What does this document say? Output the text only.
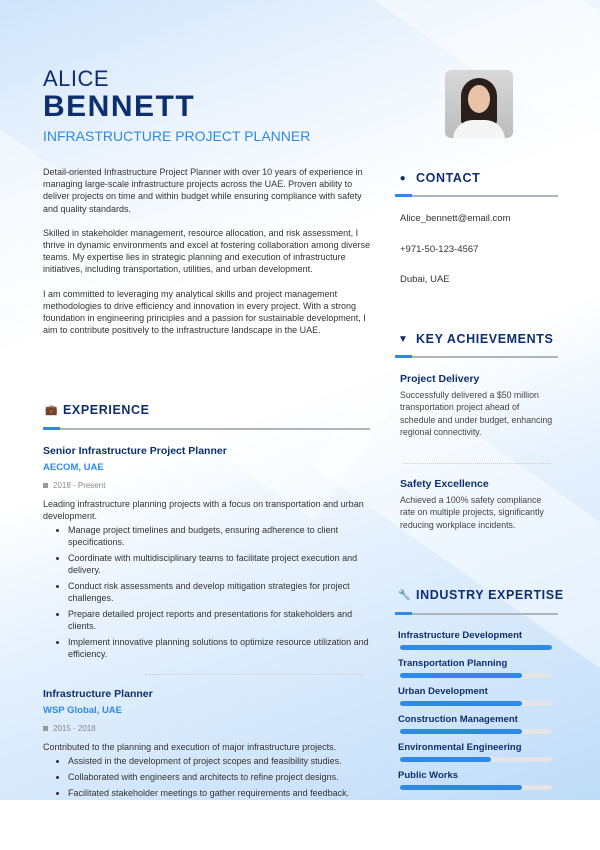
ALICE
BENNETT
INFRASTRUCTURE PROJECT PLANNER

Detail-oriented Infrastructure Project Planner with over 10 years of experience in managing large-scale infrastructure projects across the UAE. Proven ability to deliver projects on time and within budget while ensuring compliance with safety and quality standards.

Skilled in stakeholder management, resource allocation, and risk assessment, I thrive in dynamic environments and excel at fostering collaboration among diverse teams. My expertise lies in strategic planning and execution of infrastructure initiatives, including transportation, utilities, and urban development.

I am committed to leveraging my analytical skills and project management methodologies to drive efficiency and innovation in every project. With a strong foundation in engineering principles and a passion for sustainable development, I aim to contribute positively to the infrastructure landscape in the UAE.

💼 EXPERIENCE
Senior Infrastructure Project Planner
AECOM, UAE
2018 - Present
Leading infrastructure planning projects with a focus on transportation and urban development.
• Manage project timelines and budgets, ensuring adherence to client specifications.
• Coordinate with multidisciplinary teams to facilitate project execution and delivery.
• Conduct risk assessments and develop mitigation strategies for project challenges.
• Prepare detailed project reports and presentations for stakeholders and clients.
• Implement innovative planning solutions to optimize resource utilization and efficiency.
Infrastructure Planner
WSP Global, UAE
2015 - 2018
Contributed to the planning and execution of major infrastructure projects.
• Assisted in the development of project scopes and feasibility studies.
• Collaborated with engineers and architects to refine project designs.
• Facilitated stakeholder meetings to gather requirements and feedback.
● CONTACT
Alice_bennett@email.com
+971-50-123-4567
Dubai, UAE
▼ KEY ACHIEVEMENTS
Project Delivery
Successfully delivered a $50 million transportation project ahead of schedule and under budget, enhancing regional connectivity.
Safety Excellence
Achieved a 100% safety compliance rate on multiple projects, significantly reducing workplace incidents.
🔧 INDUSTRY EXPERTISE
Infrastructure Development
Transportation Planning
Urban Development
Construction Management
Environmental Engineering
Public Works
